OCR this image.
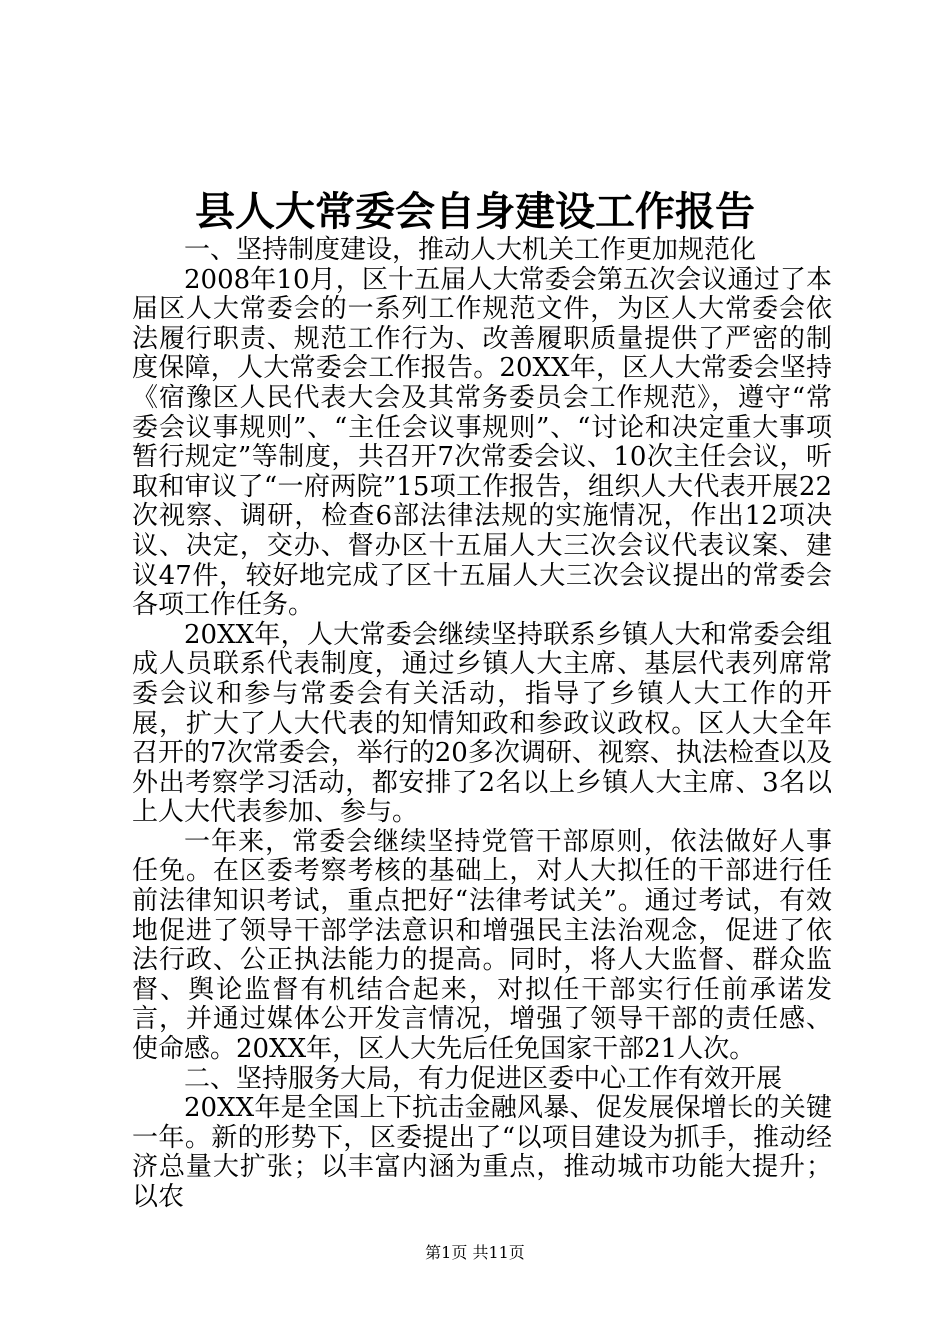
县人大常委会自身建设工作报告

一、坚持制度建设，推动人大机关工作更加规范化

2008年10月，区十五届人大常委会第五次会议通过了本届区人大常委会的一系列工作规范文件，为区人大常委会依法履行职责、规范工作行为、改善履职质量提供了严密的制度保障，人大常委会工作报告。20XX年，区人大常委会坚持《宿豫区人民代表大会及其常务委员会工作规范》，遵守“常委会议事规则”、“主任会议事规则”、“讨论和决定重大事项暂行规定”等制度，共召开7次常委会议、10次主任会议，听取和审议了“一府两院”15项工作报告，组织人大代表开展22次视察、调研，检查6部法律法规的实施情况，作出12项决议、决定，交办、督办区十五届人大三次会议代表议案、建议47件，较好地完成了区十五届人大三次会议提出的常委会各项工作任务。

20XX年，人大常委会继续坚持联系乡镇人大和常委会组成人员联系代表制度，通过乡镇人大主席、基层代表列席常委会议和参与常委会有关活动，指导了乡镇人大工作的开展，扩大了人大代表的知情知政和参政议政权。区人大全年召开的7次常委会，举行的20多次调研、视察、执法检查以及外出考察学习活动，都安排了2名以上乡镇人大主席、3名以上人大代表参加、参与。

一年来，常委会继续坚持党管干部原则，依法做好人事任免。在区委考察考核的基础上，对人大拟任的干部进行任前法律知识考试，重点把好“法律考试关”。通过考试，有效地促进了领导干部学法意识和增强民主法治观念，促进了依法行政、公正执法能力的提高。同时，将人大监督、群众监督、舆论监督有机结合起来，对拟任干部实行任前承诺发言，并通过媒体公开发言情况，增强了领导干部的责任感、使命感。20XX年，区人大先后任免国家干部21人次。

二、坚持服务大局，有力促进区委中心工作有效开展

20XX年是全国上下抗击金融风暴、促发展保增长的关键一年。新的形势下，区委提出了“以项目建设为抓手，推动经济总量大扩张；以丰富内涵为重点，推动城市功能大提升；以农

第1页 共11页
